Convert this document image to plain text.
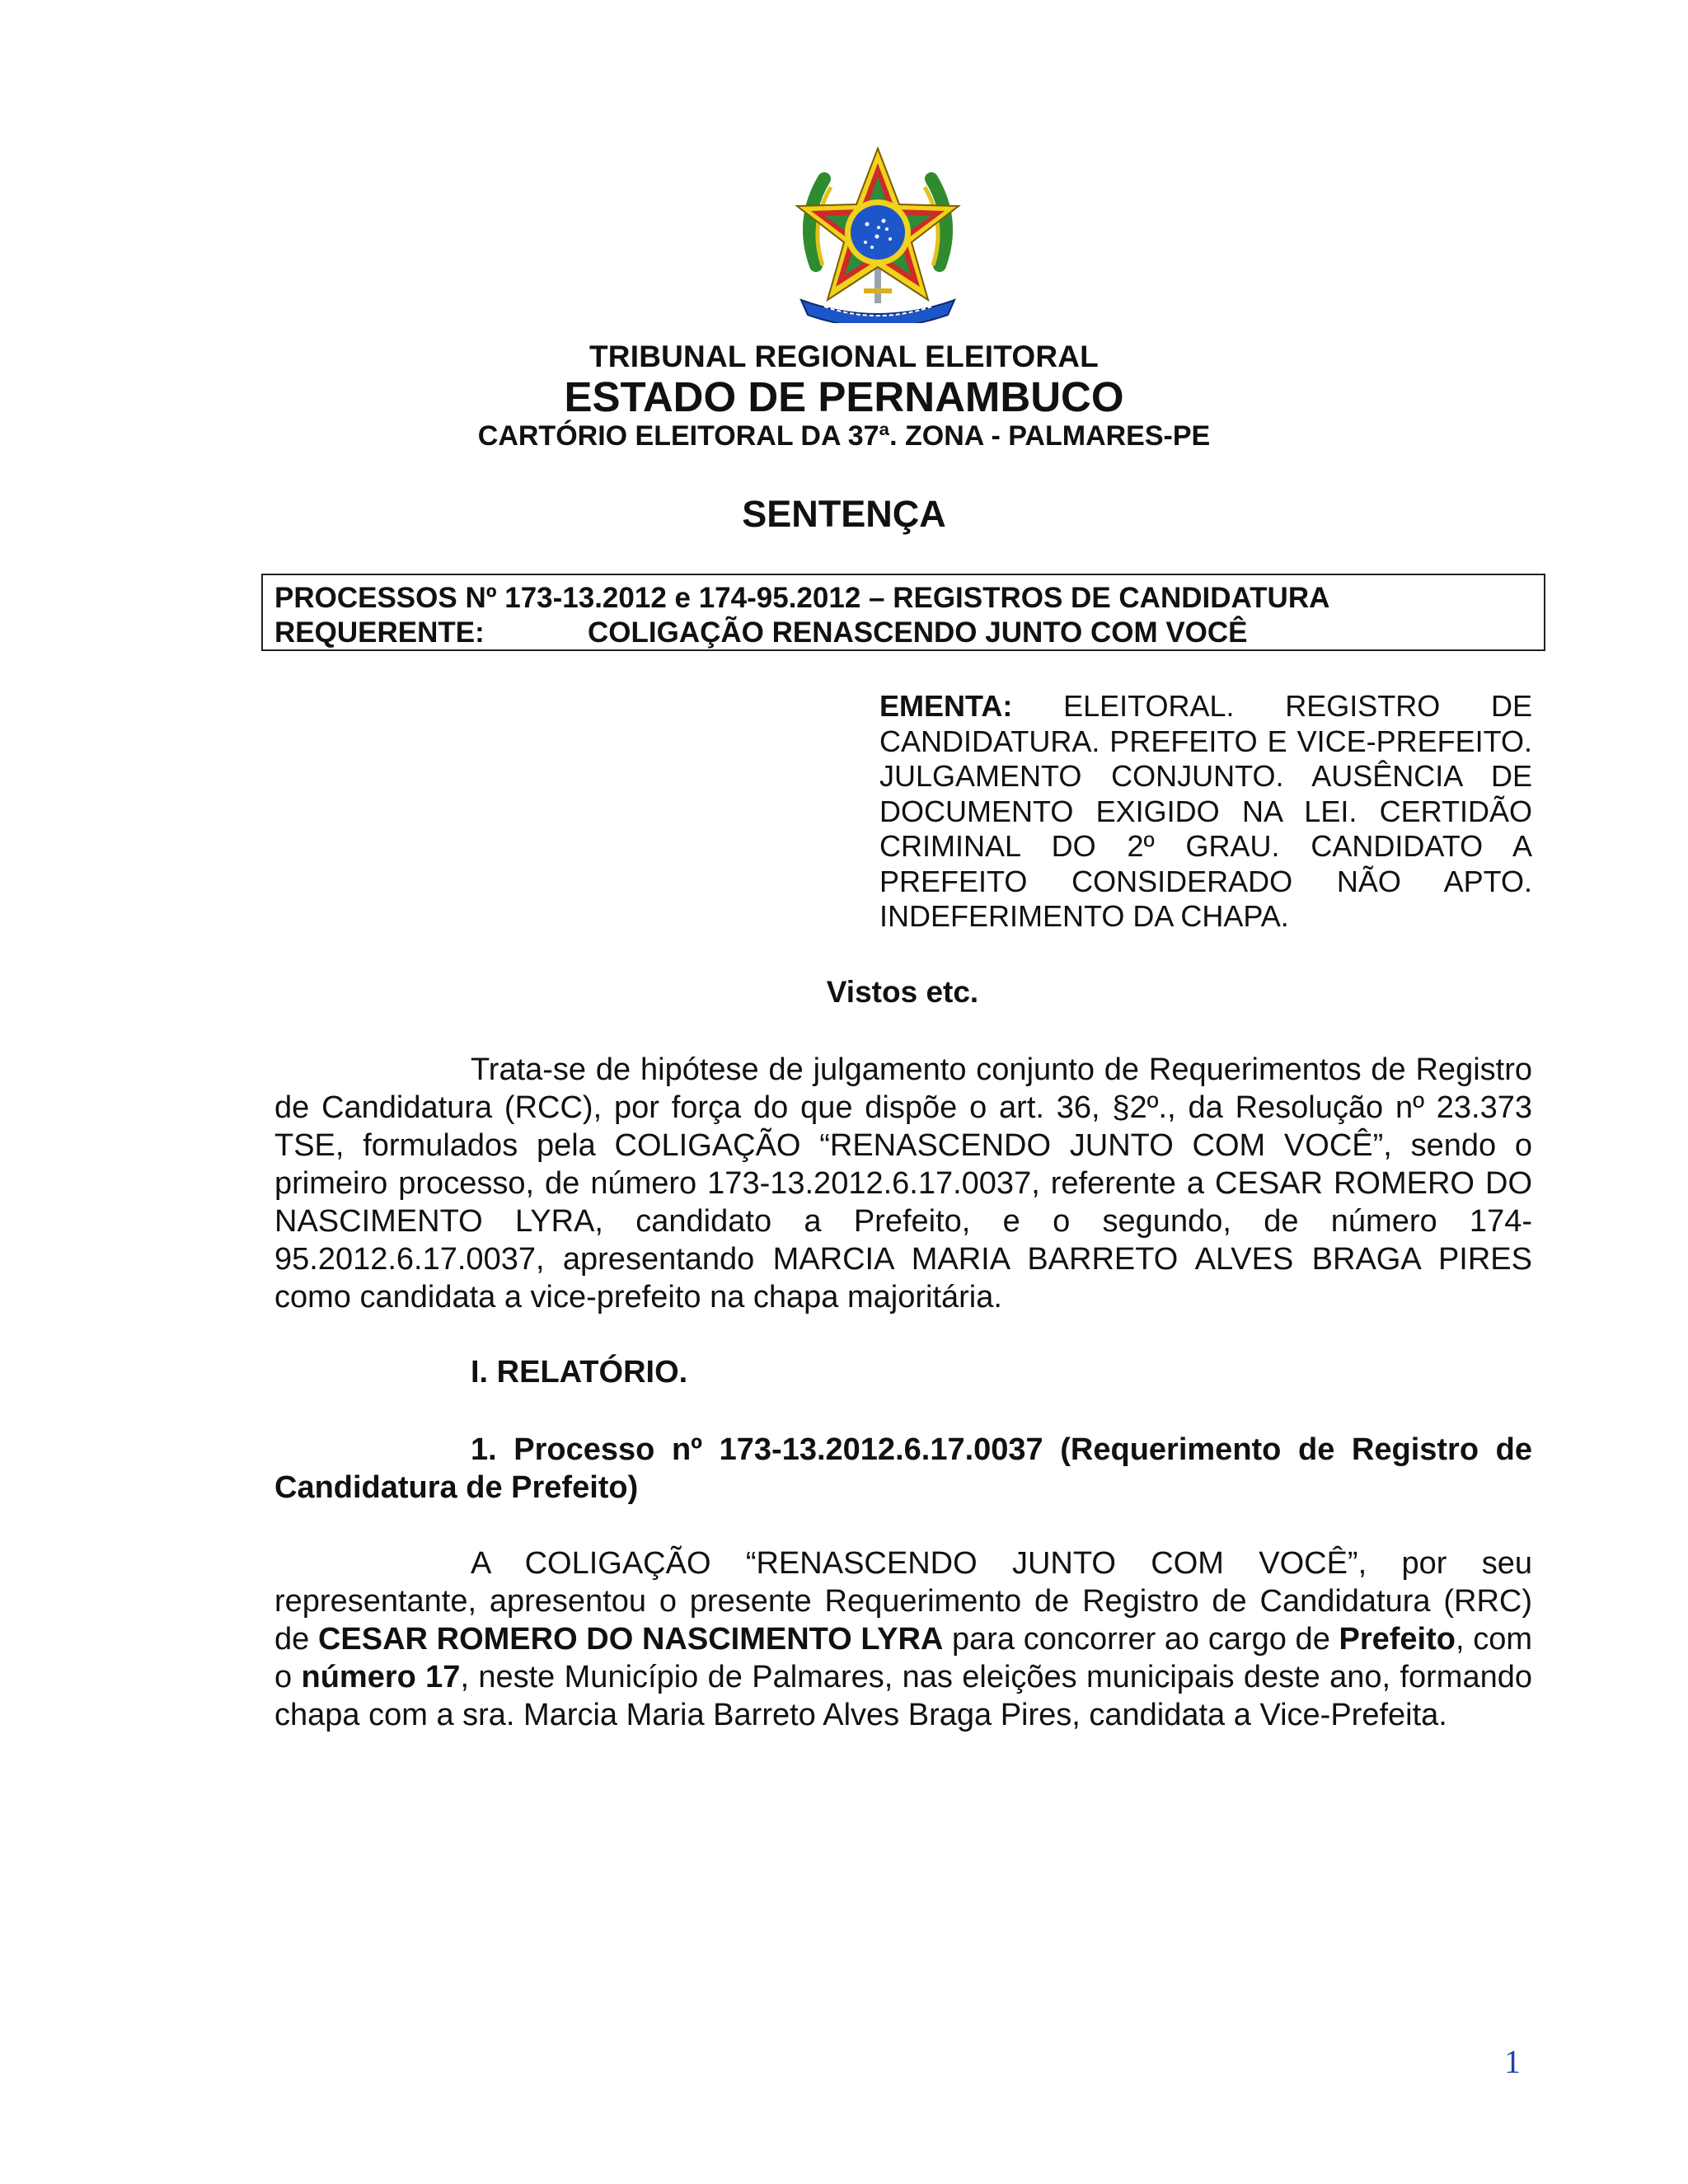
TRIBUNAL REGIONAL ELEITORAL
ESTADO DE PERNAMBUCO
CARTÓRIO ELEITORAL DA 37ª. ZONA - PALMARES-PE
SENTENÇA
PROCESSOS Nº 173-13.2012 e 174-95.2012 – REGISTROS DE CANDIDATURA
REQUERENTE:	COLIGAÇÃO RENASCENDO JUNTO COM VOCÊ
EMENTA: ELEITORAL. REGISTRO DE CANDIDATURA. PREFEITO E VICE-PREFEITO. JULGAMENTO CONJUNTO. AUSÊNCIA DE DOCUMENTO EXIGIDO NA LEI. CERTIDÃO CRIMINAL DO 2º GRAU. CANDIDATO A PREFEITO CONSIDERADO NÃO APTO. INDEFERIMENTO DA CHAPA.
Vistos etc.
Trata-se de hipótese de julgamento conjunto de Requerimentos de Registro de Candidatura (RCC), por força do que dispõe o art. 36, §2º., da Resolução nº 23.373 TSE, formulados pela COLIGAÇÃO “RENASCENDO JUNTO COM VOCÊ”, sendo o primeiro processo, de número 173-13.2012.6.17.0037, referente a CESAR ROMERO DO NASCIMENTO LYRA, candidato a Prefeito, e o segundo, de número 174-95.2012.6.17.0037, apresentando MARCIA MARIA BARRETO ALVES BRAGA PIRES como candidata a vice-prefeito na chapa majoritária.
I. RELATÓRIO.
1. Processo nº 173-13.2012.6.17.0037 (Requerimento de Registro de Candidatura de Prefeito)
A COLIGAÇÃO “RENASCENDO JUNTO COM VOCÊ”, por seu representante, apresentou o presente Requerimento de Registro de Candidatura (RRC) de CESAR ROMERO DO NASCIMENTO LYRA para concorrer ao cargo de Prefeito, com o número 17, neste Município de Palmares, nas eleições municipais deste ano, formando chapa com a sra. Marcia Maria Barreto Alves Braga Pires, candidata a Vice-Prefeita.
1
